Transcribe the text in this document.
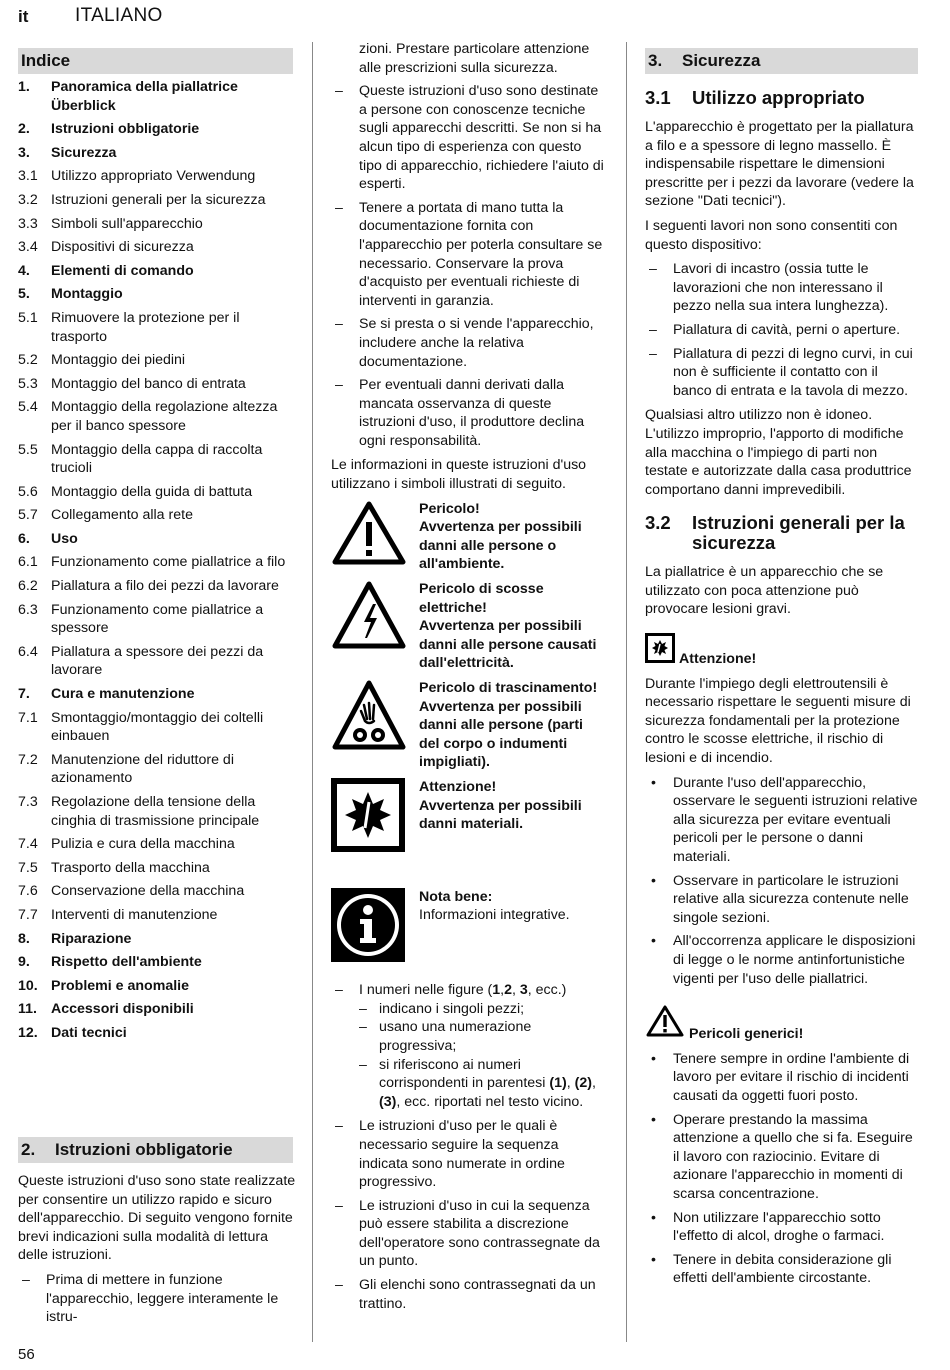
it ITALIANO
Indice
1.	Panoramica della piallatrice Überblick
2.	Istruzioni obbligatorie
3.	Sicurezza
3.1 Utilizzo appropriato Verwendung
3.2 Istruzioni generali per la sicurezza
3.3 Simboli sull'apparecchio
3.4 Dispositivi di sicurezza
4.	Elementi di comando
5.	Montaggio
5.1 Rimuovere la protezione per il trasporto
5.2 Montaggio dei piedini
5.3 Montaggio del banco di entrata
5.4 Montaggio della regolazione altezza per il banco spessore
5.5 Montaggio della cappa di raccolta trucioli
5.6 Montaggio della guida di battuta
5.7 Collegamento alla rete
6.	Uso
6.1 Funzionamento come piallatrice a filo
6.2 Piallatura a filo dei pezzi da lavorare
6.3 Funzionamento come piallatrice a spessore
6.4 Piallatura a spessore dei pezzi da lavorare
7.	Cura e manutenzione
7.1 Smontaggio/montaggio dei coltelli einbauen
7.2 Manutenzione del riduttore di azionamento
7.3 Regolazione della tensione della cinghia di trasmissione principale
7.4 Pulizia e cura della macchina
7.5 Trasporto della macchina
7.6 Conservazione della macchina
7.7 Interventi di manutenzione
8.	Riparazione
9.	Rispetto dell'ambiente
10. Problemi e anomalie
11. Accessori disponibili
12. Dati tecnici
2. Istruzioni obbligatorie

Queste istruzioni d'uso sono state realizzate per consentire un utilizzo rapido e sicuro dell'apparecchio. Di seguito vengono fornite brevi indicazioni sulla modalità di lettura delle istruzioni.

– Prima di mettere in funzione l'apparecchio, leggere interamente le istru-
zioni. Prestare particolare attenzione alle prescrizioni sulla sicurezza.
– Queste istruzioni d'uso sono destinate a persone con conoscenze tecniche sugli apparecchi descritti. Se non si ha alcun tipo di esperienza con questo tipo di apparecchio, richiedere l'aiuto di esperti.
– Tenere a portata di mano tutta la documentazione fornita con l'apparecchio per poterla consultare se necessario. Conservare la prova d'acquisto per eventuali richieste di interventi in garanzia.
– Se si presta o si vende l'apparecchio, includere anche la relativa documentazione.
– Per eventuali danni derivati dalla mancata osservanza di queste istruzioni d'uso, il produttore declina ogni responsabilità.

Le informazioni in queste istruzioni d'uso utilizzano i simboli illustrati di seguito.

Pericolo!
Avvertenza per possibili danni alle persone o all'ambiente.
Pericolo di scosse elettriche!
Avvertenza per possibili danni alle persone causati dall'elettricità.
Pericolo di trascinamento!
Avvertenza per possibili danni alle persone (parti del corpo o indumenti impigliati).
Attenzione!
Avvertenza per possibili danni materiali.
Nota bene:
Informazioni integrative.
– I numeri nelle figure (1,2, 3, ecc.)
– indicano i singoli pezzi;
– usano una numerazione progressiva;
– si riferiscono ai numeri corrispondenti in parentesi (1), (2), (3), ecc. riportati nel testo vicino.
– Le istruzioni d'uso per le quali è necessario seguire la sequenza indicata sono numerate in ordine progressivo.
– Le istruzioni d'uso in cui la sequenza può essere stabilita a discrezione dell'operatore sono contrassegnate da un punto.
– Gli elenchi sono contrassegnati da un trattino.
3. Sicurezza
3.1	Utilizzo appropriato

L'apparecchio è progettato per la piallatura a filo e a spessore di legno massello. È indispensabile rispettare le dimensioni prescritte per i pezzi da lavorare (vedere la sezione "Dati tecnici").

I seguenti lavori non sono consentiti con questo dispositivo:

– Lavori di incastro (ossia tutte le lavorazioni che non interessano il pezzo nella sua intera lunghezza).
– Piallatura di cavità, perni o aperture.
– Piallatura di pezzi di legno curvi, in cui non è sufficiente il contatto con il banco di entrata e la tavola di mezzo.

Qualsiasi altro utilizzo non è idoneo. L'utilizzo improprio, l'apporto di modifiche alla macchina o l'impiego di parti non testate e autorizzate dalla casa produttrice comportano danni imprevedibili.

3.2	Istruzioni generali per la sicurezza

La piallatrice è un apparecchio che se utilizzato con poca attenzione può provocare lesioni gravi.

Attenzione!

Durante l'impiego degli elettroutensili è necessario rispettare le seguenti misure di sicurezza fondamentali per la protezione contro le scosse elettriche, il rischio di lesioni e di incendio.

• Durante l'uso dell'apparecchio, osservare le seguenti istruzioni relative alla sicurezza per evitare eventuali pericoli per le persone o danni materiali.
• Osservare in particolare le istruzioni relative alla sicurezza contenute nelle singole sezioni.
• All'occorrenza applicare le disposizioni di legge o le norme antinfortunistiche vigenti per l'uso delle piallatrici.
Pericoli generici!
• Tenere sempre in ordine l'ambiente di lavoro per evitare il rischio di incidenti causati da oggetti fuori posto.
• Operare prestando la massima attenzione a quello che si fa. Eseguire il lavoro con raziocinio. Evitare di azionare l'apparecchio in momenti di scarsa concentrazione.
• Non utilizzare l'apparecchio sotto l'effetto di alcol, droghe o farmaci.
• Tenere in debita considerazione gli effetti dell'ambiente circostante.
56
